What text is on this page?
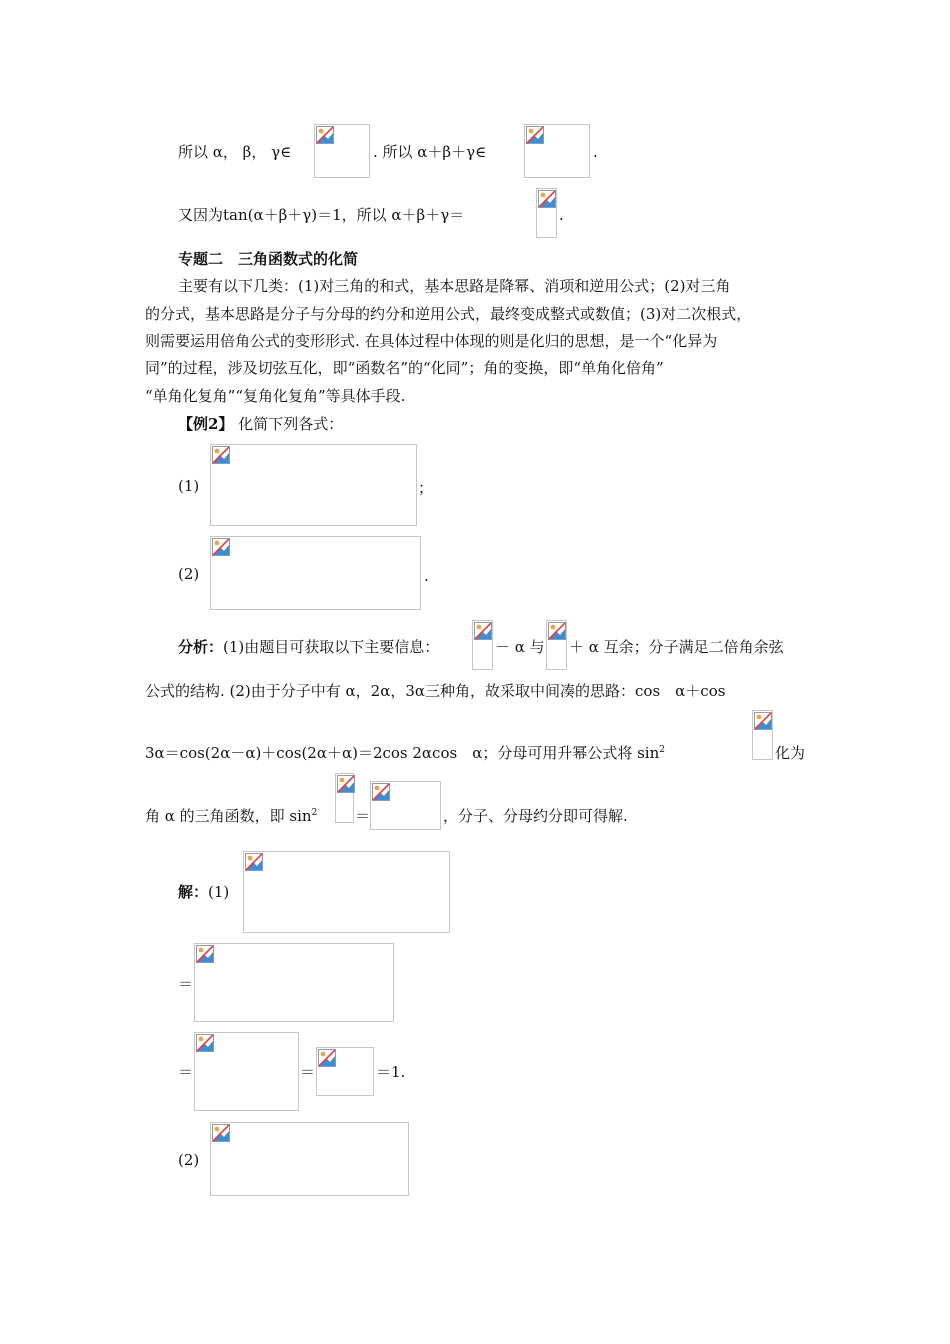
所以 α， β， γ∈	. 所以 α＋β＋γ∈	.
又因为tan(α＋β＋γ)＝1，所以 α＋β＋γ＝	.
专题二　三角函数式的化简
主要有以下几类：(1)对三角的和式，基本思路是降幂、消项和逆用公式；(2)对三角
的分式，基本思路是分子与分母的约分和逆用公式，最终变成整式或数值；(3)对二次根式，
则需要运用倍角公式的变形形式. 在具体过程中体现的则是化归的思想，是一个“化异为
同”的过程，涉及切弦互化，即“函数名”的“化同”；角的变换，即“单角化倍角”
“单角化复角”“复角化复角”等具体手段.
【例2】 化简下列各式：
(1)	；
(2)	.
分析：(1)由题目可获取以下主要信息：	－ α 与 ＋ α 互余；分子满足二倍角余弦
公式的结构. (2)由于分子中有 α，2α，3α三种角，故采取中间凑的思路：cos　α＋cos
3α＝cos(2α－α)＋cos(2α＋α)＝2cos 2αcos　α；分母可用升幂公式将 $\sin^2$	化为
角 α 的三角函数，即 $\sin^2$	＝	，分子、分母约分即可得解.
解：(1)
＝
＝	＝	＝1.
(2)
